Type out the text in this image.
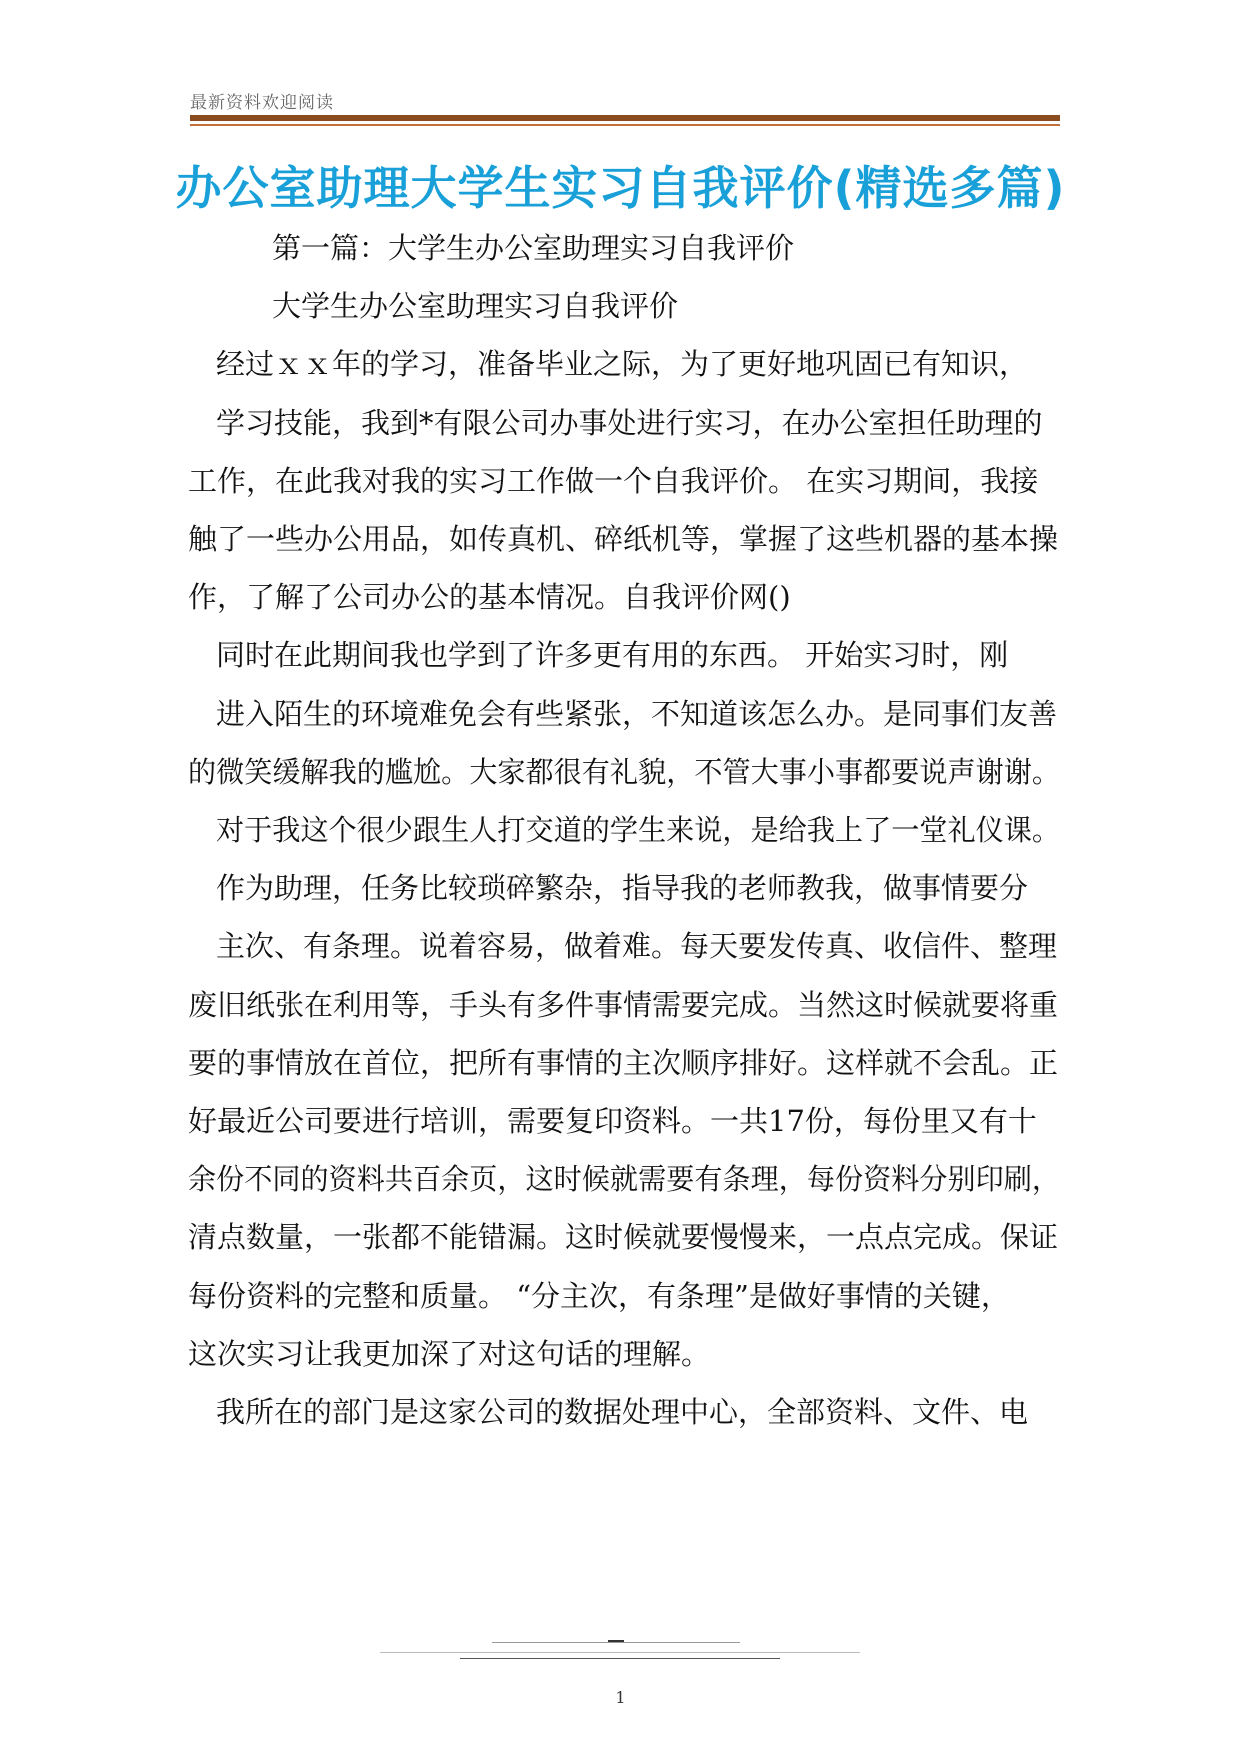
最新资料欢迎阅读
办公室助理大学生实习自我评价(精选多篇)
第一篇：大学生办公室助理实习自我评价
大学生办公室助理实习自我评价
经过ｘｘ年的学习，准备毕业之际，为了更好地巩固已有知识，
学习技能，我到*有限公司办事处进行实习，在办公室担任助理的
工作，在此我对我的实习工作做一个自我评价。 在实习期间，我接
触了一些办公用品，如传真机、碎纸机等，掌握了这些机器的基本操
作，了解了公司办公的基本情况。自我评价网()
同时在此期间我也学到了许多更有用的东西。 开始实习时，刚
进入陌生的环境难免会有些紧张，不知道该怎么办。是同事们友善
的微笑缓解我的尴尬。大家都很有礼貌，不管大事小事都要说声谢谢。
对于我这个很少跟生人打交道的学生来说，是给我上了一堂礼仪课。
作为助理，任务比较琐碎繁杂，指导我的老师教我，做事情要分
主次、有条理。说着容易，做着难。每天要发传真、收信件、整理
废旧纸张在利用等，手头有多件事情需要完成。当然这时候就要将重
要的事情放在首位，把所有事情的主次顺序排好。这样就不会乱。正
好最近公司要进行培训，需要复印资料。一共17份，每份里又有十
余份不同的资料共百余页，这时候就需要有条理，每份资料分别印刷，
清点数量，一张都不能错漏。这时候就要慢慢来，一点点完成。保证
每份资料的完整和质量。 “分主次，有条理”是做好事情的关键，
这次实习让我更加深了对这句话的理解。
我所在的部门是这家公司的数据处理中心，全部资料、文件、电
1
